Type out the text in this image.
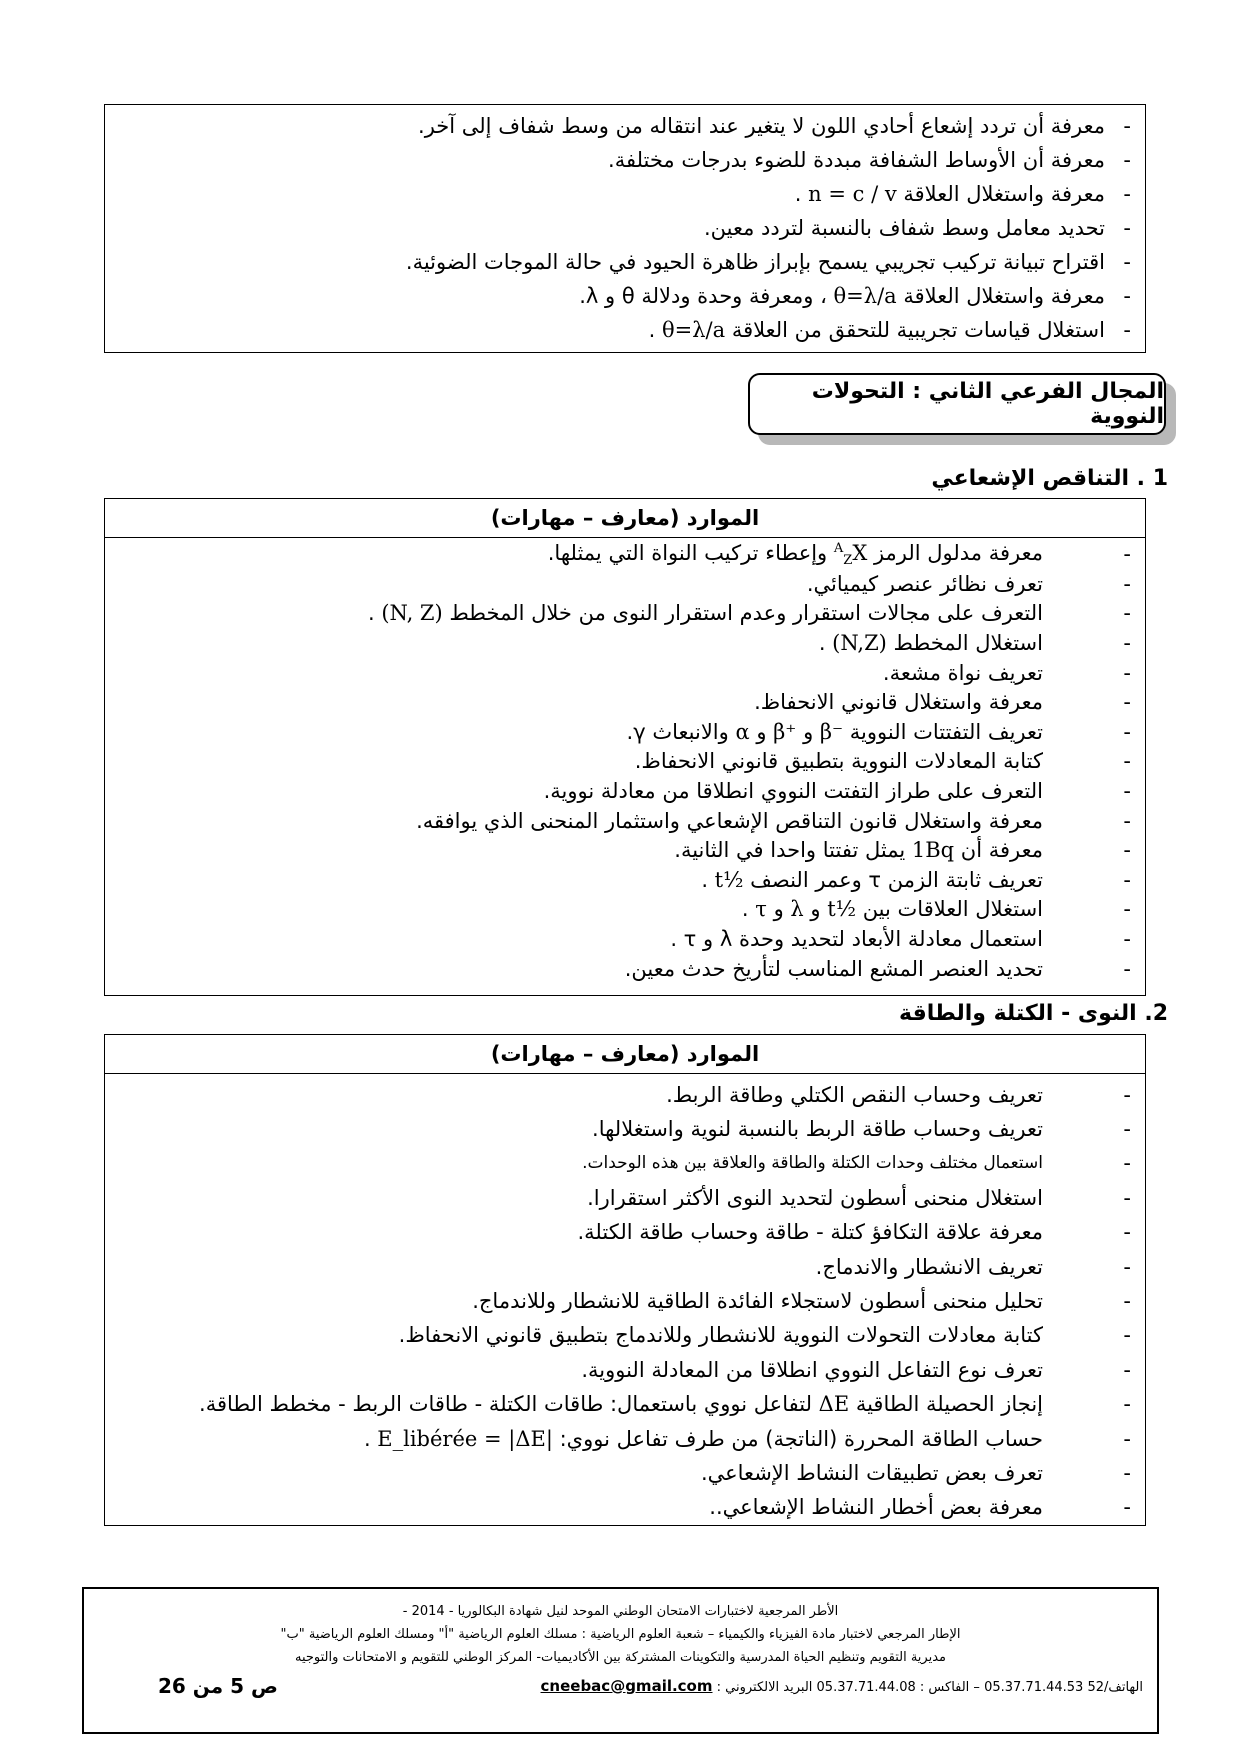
-
معرفة أن تردد إشعاع أحادي اللون لا يتغير عند انتقاله من وسط شفاف إلى آخر.
-
معرفة أن الأوساط الشفافة مبددة للضوء بدرجات مختلفة.
-
معرفة واستغلال العلاقة n = c / v .
-
تحديد معامل وسط شفاف بالنسبة لتردد معين.
-
اقتراح تبيانة تركيب تجريبي يسمح بإبراز ظاهرة الحيود في حالة الموجات الضوئية.
-
معرفة واستغلال العلاقة θ=λ/a ، ومعرفة وحدة ودلالة θ و λ.
-
استغلال قياسات تجريبية للتحقق من العلاقة θ=λ/a .
المجال الفرعي الثاني : التحولات النووية
1 . التناقص الإشعاعي
الموارد (معارف – مهارات)
-
معرفة مدلول الرمز $^A_Z$X وإعطاء تركيب النواة التي يمثلها.
-
تعرف نظائر عنصر كيميائي.
-
التعرف على مجالات استقرار وعدم استقرار النوى من خلال المخطط (N, Z) .
-
استغلال المخطط (N,Z) .
-
تعريف نواة مشعة.
-
معرفة واستغلال قانوني الانحفاظ.
-
تعريف التفتتات النووية α و β⁺ و β⁻ والانبعاث γ.
-
كتابة المعادلات النووية بتطبيق قانوني الانحفاظ.
-
التعرف على طراز التفتت النووي انطلاقا من معادلة نووية.
-
معرفة واستغلال قانون التناقص الإشعاعي واستثمار المنحنى الذي يوافقه.
-
معرفة أن 1Bq يمثل تفتتا واحدا في الثانية.
-
تعريف ثابتة الزمن τ وعمر النصف t½ .
-
استغلال العلاقات بين τ و λ و t½ .
-
استعمال معادلة الأبعاد لتحديد وحدة λ و τ .
-
تحديد العنصر المشع المناسب لتأريخ حدث معين.
2. النوى - الكتلة والطاقة
الموارد (معارف – مهارات)
-
تعريف وحساب النقص الكتلي وطاقة الربط.
-
تعريف وحساب طاقة الربط بالنسبة لنوية واستغلالها.
-
استعمال مختلف وحدات الكتلة والطاقة والعلاقة بين هذه الوحدات.
-
استغلال منحنى أسطون لتحديد النوى الأكثر استقرارا.
-
معرفة علاقة التكافؤ كتلة - طاقة وحساب طاقة الكتلة.
-
تعريف الانشطار والاندماج.
-
تحليل منحنى أسطون لاستجلاء الفائدة الطاقية للانشطار وللاندماج.
-
كتابة معادلات التحولات النووية للانشطار وللاندماج بتطبيق قانوني الانحفاظ.
-
تعرف نوع التفاعل النووي انطلاقا من المعادلة النووية.
-
إنجاز الحصيلة الطاقية ΔE لتفاعل نووي باستعمال: طاقات الكتلة - طاقات الربط - مخطط الطاقة.
-
حساب الطاقة المحررة (الناتجة) من طرف تفاعل نووي: E_libérée = |ΔE| .
-
تعرف بعض تطبيقات النشاط الإشعاعي.
-
معرفة بعض أخطار النشاط الإشعاعي..
الأطر المرجعية لاختبارات الامتحان الوطني الموحد لنيل شهادة البكالوريا - 2014 -
الإطار المرجعي لاختبار مادة الفيزياء والكيمياء – شعبة العلوم الرياضية : مسلك العلوم الرياضية "أ" ومسلك العلوم الرياضية "ب"
مديرية التقويم وتنظيم الحياة المدرسية والتكوينات المشتركة بين الأكاديميات- المركز الوطني للتقويم و الامتحانات والتوجيه
الهاتف/52 05.37.71.44.53 – الفاكس : 05.37.71.44.08 البريد الالكتروني : cneebac@gmail.com
ص 5 من 26
